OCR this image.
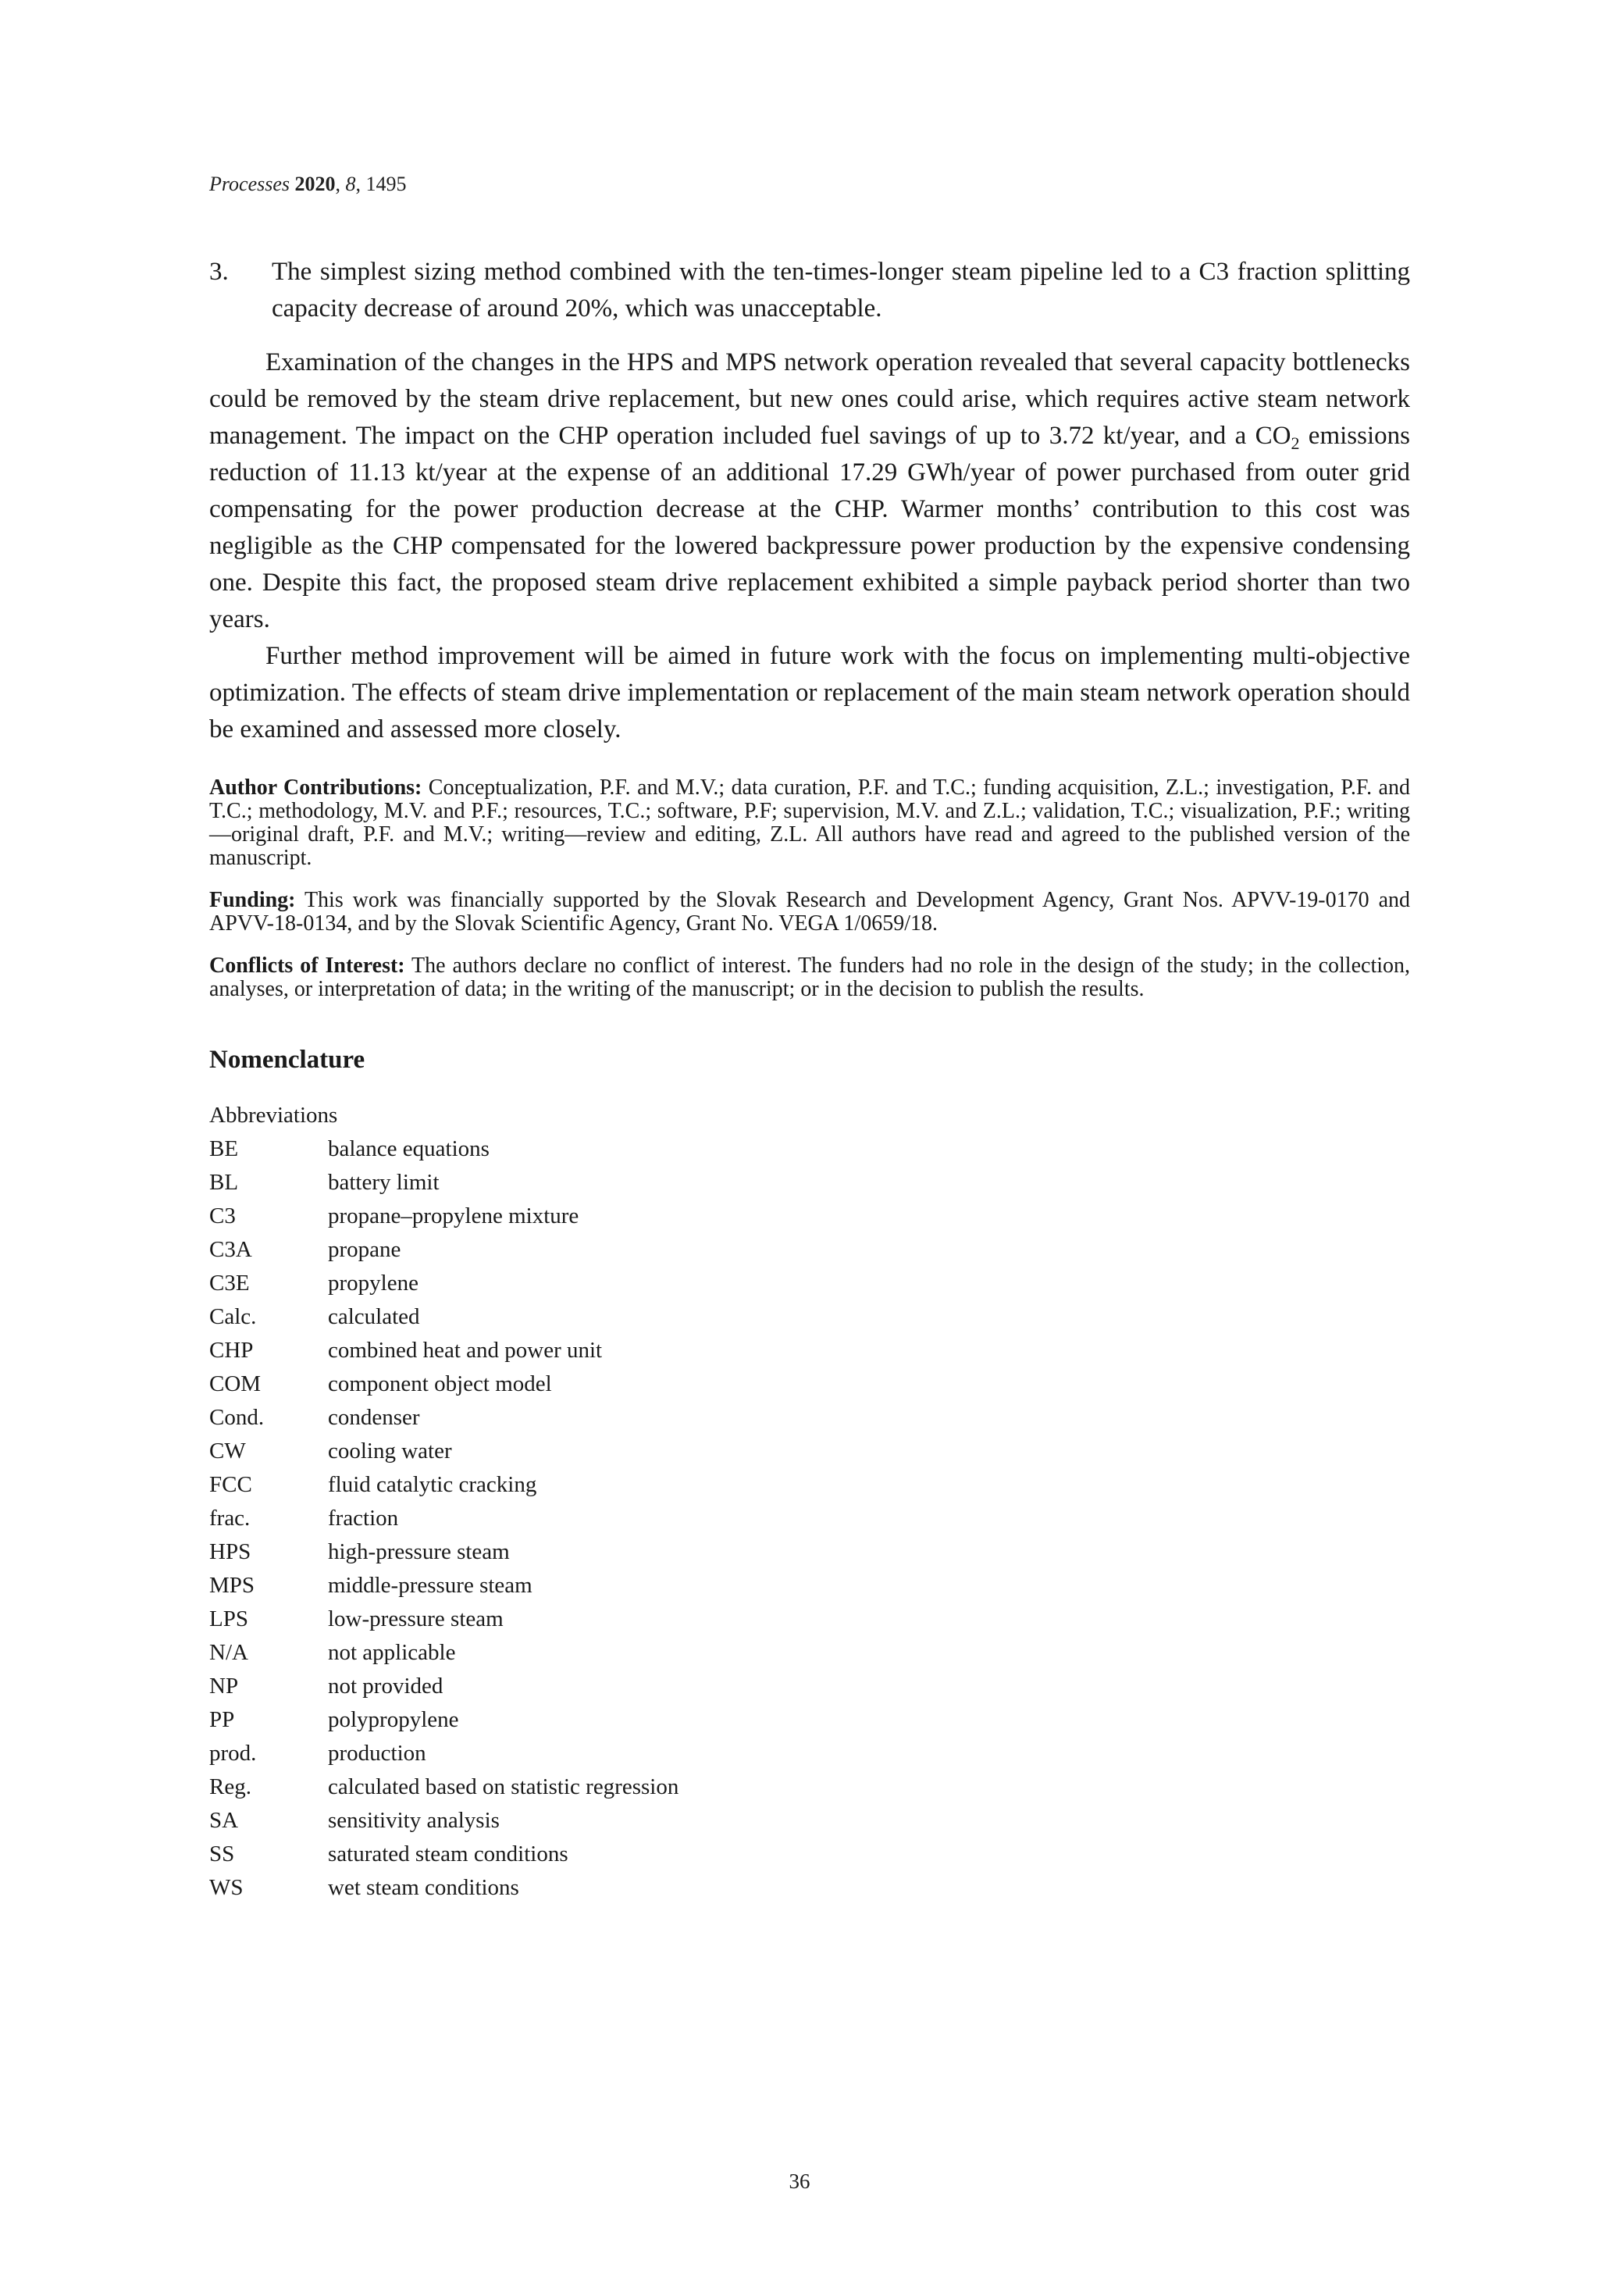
Processes 2020, 8, 1495
3.	The simplest sizing method combined with the ten-times-longer steam pipeline led to a C3 fraction splitting capacity decrease of around 20%, which was unacceptable.

Examination of the changes in the HPS and MPS network operation revealed that several capacity bottlenecks could be removed by the steam drive replacement, but new ones could arise, which requires active steam network management. The impact on the CHP operation included fuel savings of up to 3.72 kt/year, and a $CO_2$ emissions reduction of 11.13 kt/year at the expense of an additional 17.29 GWh/year of power purchased from outer grid compensating for the power production decrease at the CHP. Warmer months’ contribution to this cost was negligible as the CHP compensated for the lowered backpressure power production by the expensive condensing one. Despite this fact, the proposed steam drive replacement exhibited a simple payback period shorter than two years.

Further method improvement will be aimed in future work with the focus on implementing multi-objective optimization. The effects of steam drive implementation or replacement of the main steam network operation should be examined and assessed more closely.

Author Contributions: Conceptualization, P.F. and M.V.; data curation, P.F. and T.C.; funding acquisition, Z.L.; investigation, P.F. and T.C.; methodology, M.V. and P.F.; resources, T.C.; software, P.F; supervision, M.V. and Z.L.; validation, T.C.; visualization, P.F.; writing—original draft, P.F. and M.V.; writing—review and editing, Z.L. All authors have read and agreed to the published version of the manuscript.

Funding: This work was financially supported by the Slovak Research and Development Agency, Grant Nos. APVV-19-0170 and APVV-18-0134, and by the Slovak Scientific Agency, Grant No. VEGA 1/0659/18.

Conflicts of Interest: The authors declare no conflict of interest. The funders had no role in the design of the study; in the collection, analyses, or interpretation of data; in the writing of the manuscript; or in the decision to publish the results.

Nomenclature
Abbreviations
BE	balance equations
BL	battery limit
C3	propane–propylene mixture
C3A	propane
C3E	propylene
Calc.	calculated
CHP	combined heat and power unit
COM	component object model
Cond.	condenser
CW	cooling water
FCC	fluid catalytic cracking
frac.	fraction
HPS	high-pressure steam
MPS	middle-pressure steam
LPS	low-pressure steam
N/A	not applicable
NP	not provided
PP	polypropylene
prod.	production
Reg.	calculated based on statistic regression
SA	sensitivity analysis
SS	saturated steam conditions
WS	wet steam conditions
36
